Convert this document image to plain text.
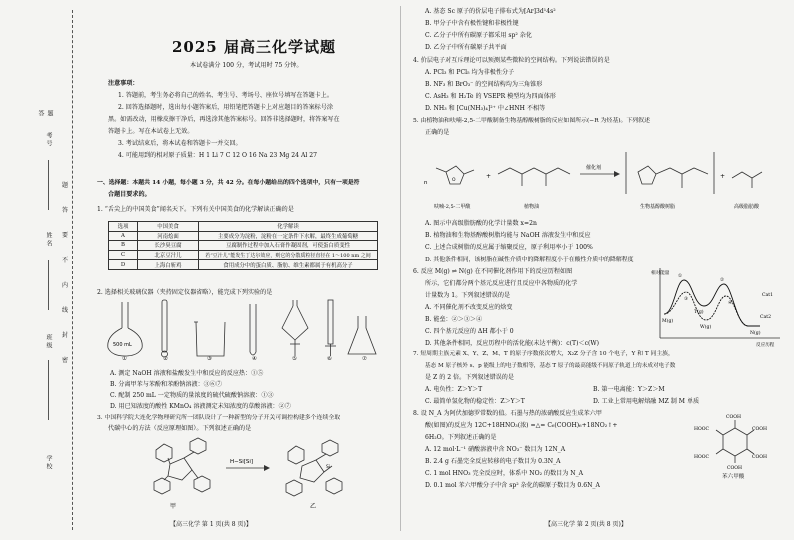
题
答
题
答
要
不
内
线
封
密
考号
姓名
班级
学校
2025 届高三化学试题
本试卷满分 100 分，考试用时 75 分钟。
注意事项：
1. 答题前，考生务必将自己的姓名、考生号、考场号、座位号填写在答题卡上。
2. 回答选择题时，选出每小题答案后，用铅笔把答题卡上对应题目的答案标号涂
黑。如需改动，用橡皮擦干净后，再选涂其他答案标号。回答非选择题时，将答案写在
答题卡上。写在本试卷上无效。
3. 考试结束后，将本试卷和答题卡一并交回。
4. 可能用到的相对原子质量：H 1 Li 7 C 12 O 16 Na 23 Mg 24 Al 27
一、选择题：本题共 14 小题，每小题 3 分，共 42 分。在每小题给出的四个选项中，只有一项是符
合题目要求的。
1. “舌尖上的中国美食”闻名天下。下列有关中国美食的化学解读正确的是
选项	中国美食	化学解读
A	河南烩面	主要成分为淀粉，淀粉在一定条件下水解，最终生成葡萄糖
B	长沙臭豆腐	豆腐制作过程中加入石膏作凝固剂，可使蛋白质变性
C	北京豆汁儿	若“豆汁儿”能发生丁达尔效应，则它的分散质粒径直径在 1～100 nm 之间
D	上海白斩鸡	食用成分中的蛋白质、脂肪、维生素都属于有机高分子
2. 选择相关玻璃仪器（夹持固定仪器省略），能完成下列实验的是
500 mL
①	②	③	④	⑤	⑥	⑦
A. 测定 NaOH 溶液和盐酸发生中和反应的反应热：①⑤
B. 分离甲苯与苯酚和苯酚钠溶液：③⑥⑦
C. 配制 250 mL 一定物质的量浓度的硫代硫酸钠溶液：①③
D. 用已知浓度的酸性 KMnO₄ 溶液测定未知浓度的草酸溶液：②⑦
3. 中国科学院大连化学物理研究所一团队设计了一种新型的分子开关可调控构建多个连续全取
代碳中心的方法（反应原理如图）。下列叙述正确的是
甲
H−Si[Si]
Si
乙
【高三化学 第 1 页(共 8 页)】
A. 基态 Sc 原子的价层电子排布式为[Ar]3d¹4s²
B. 甲分子中含有极性键和非极性键
C. 乙分子中所有碳原子都采用 sp² 杂化
D. 乙分子中所有碳原子共平面
4. 价层电子对互斥理论可以预测某些微粒的空间结构。下列说法错误的是
A. PCl₃ 和 PCl₅ 均为非极性分子
B. NF₃ 和 BrO₃⁻ 的空间结构均为三角锥形
C. AsH₃ 和 H₂Te 的 VSEPR 模型均为四面体形
D. NH₃ 和 [Cu(NH₃)₄]²⁺ 中∠HNH 不相等
5. 由植物油和呋喃-2,5-二甲酸制备生物基醇酸树脂的反应如图所示(−R 为烃基)。下列叙述
正确的是
n	O
呋喃-2,5-二甲酸
+
植物油
催化剂
生物基醇酸树脂
+
高级脂肪酸
A. 图示中高级脂肪酸的化学计量数 x=2n
B. 植物油和生物基醇酸树脂均能与 NaOH 溶液发生中和反应
C. 上述合成树脂的反应属于缩聚反应，原子利用率小于 100%
D. 其他条件相同，该树脂在碱性介质中的降解程度小于在酸性介质中的降解程度
6. 反应 M(g) ⇌ N(g) 在不同催化剂作用下的反应历程如图
所示，它们都分两个基元反应进行且反应中各物质的化学
计量数为 1。下列叙述错误的是
A. 不同催化剂不改变反应的焓变
B. 能垒：②＞③＞④
C. 四个基元反应的 ΔH 都小于 0
D. 其他条件相同，反应历程中的活化能(未达平衡)：c(T)＜c(W)
相对能量
反应历程
M(g)
N(g)
Cat1
Cat2
T(g)
W(g)
①
②
③
④
7. 短周期主族元素 X、Y、Z、M、T 的原子序数依次增大，X₂Z 分子含 10 个电子，Y 和 T 同主族，
基态 M 原子核外 s、p 能级上的电子数相等，基态 T 原子的最高能级不同原子轨道上的未成对电子数
是 Z 的 2 倍。下列叙述错误的是
A. 电负性：Z＞Y＞T	B. 第一电离能：Y＞Z＞M
C. 最简单氢化物的稳定性：Z＞Y＞T	D. 工业上常用电解熔融 MZ 制 M 单质
8. 设 N_A 为阿伏加德罗常数的值。石墨与热的浓硝酸反应生成苯六甲
酸(如图)的反应为 12C+18HNO₃(浓) =△= C₆(COOH)₆+18NO₂↑+
6H₂O。下列叙述正确的是
A. 12 mol·L⁻¹ 硝酸溶液中含 NO₃⁻ 数目为 12N_A
B. 2.4 g 石墨完全反应转移的电子数目为 0.3N_A
C. 1 mol HNO₃ 完全反应时，体系中 NO₂ 的数目为 N_A
D. 0.1 mol 苯六甲酸分子中含 sp² 杂化的碳原子数目为 0.6N_A
COOH
COOH
COOH
COOH
HOOC
HOOC
苯六甲酸
【高三化学 第 2 页(共 8 页)】
